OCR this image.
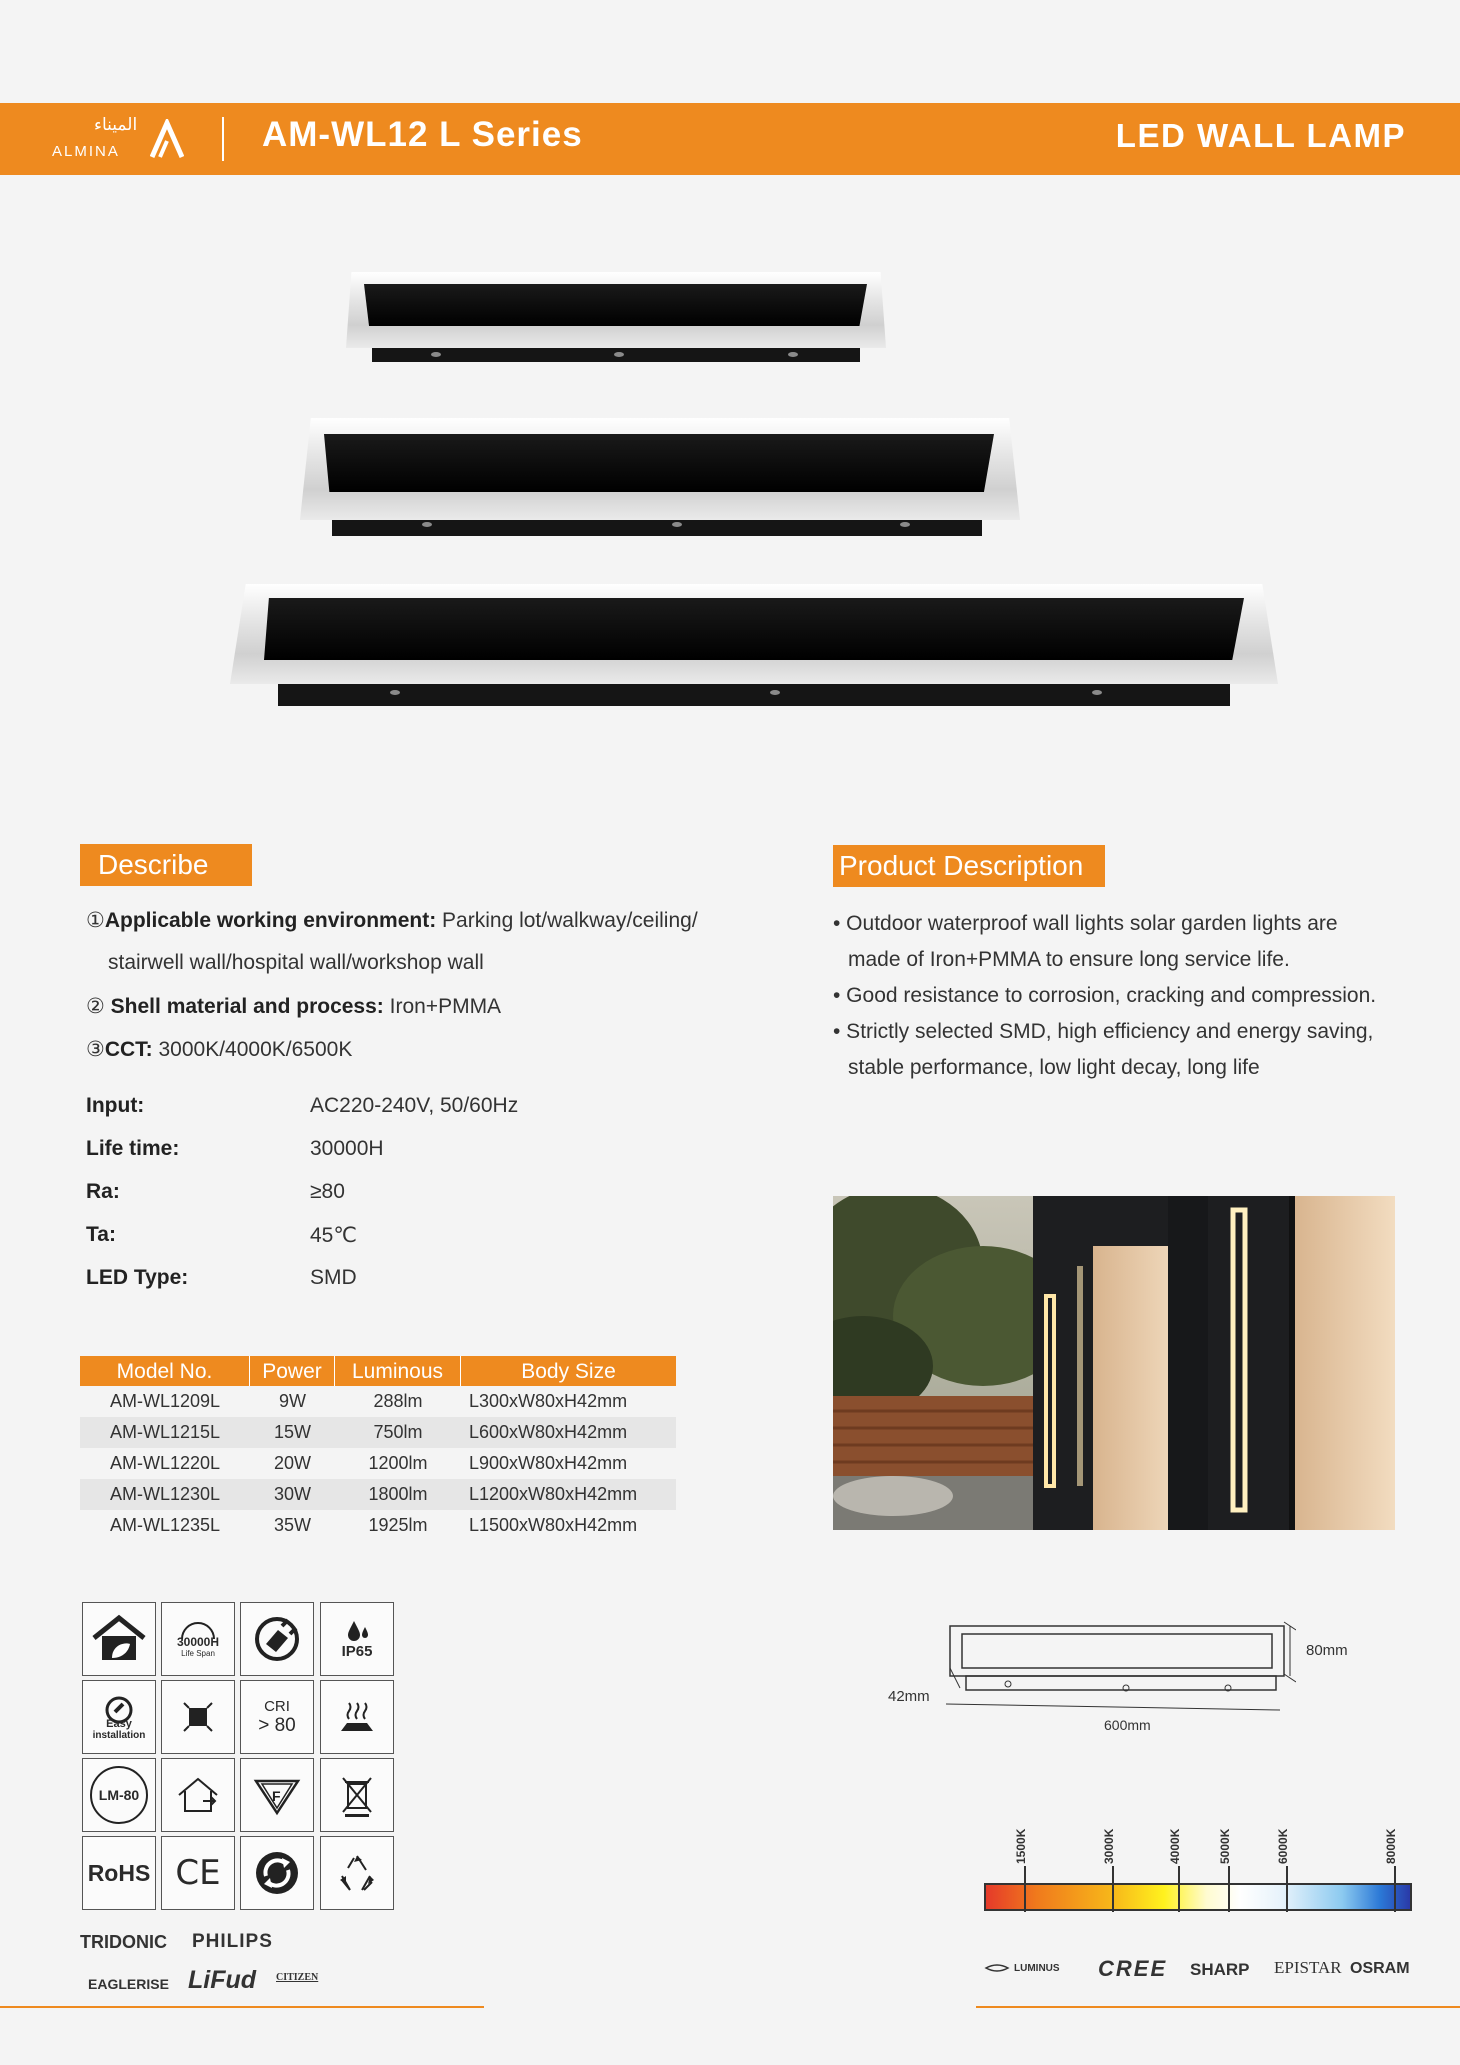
الميناء
ALMINA	AM-WL12 L Series	LED WALL LAMP
Describe
①Applicable working environment: Parking lot/walkway/ceiling/
stairwell wall/hospital wall/workshop wall
② Shell material and process: Iron+PMMA
③CCT: 3000K/4000K/6500K
Input:	AC220-240V, 50/60Hz
Life time:	30000H
Ra:	≥80
Ta:	45℃
LED Type:	SMD
Product Description
• Outdoor waterproof wall lights solar garden lights are
made of Iron+PMMA to ensure long service life.
• Good resistance to corrosion, cracking and compression.
• Strictly selected SMD, high efficiency and energy saving,
stable performance, low light decay, long life
Model No.	Power	Luminous	Body Size
AM-WL1209L	9W	288lm	L300xW80xH42mm
AM-WL1215L	15W	750lm	L600xW80xH42mm
AM-WL1220L	20W	1200lm	L900xW80xH42mm
AM-WL1230L	30W	1800lm	L1200xW80xH42mm
AM-WL1235L	35W	1925lm	L1500xW80xH42mm
30000H
Life Span	IP65
Easy
installation
CRI
> 80
LM-80	F
RoHS CE
TRIDONIC PHILIPS
EAGLERISE LiFud CITIZEN
80mm
42mm
600mm
1500K	3000K	4000K	5000K	6000K	8000K
LUMINUS CREE SHARP EPISTAR OSRAM
